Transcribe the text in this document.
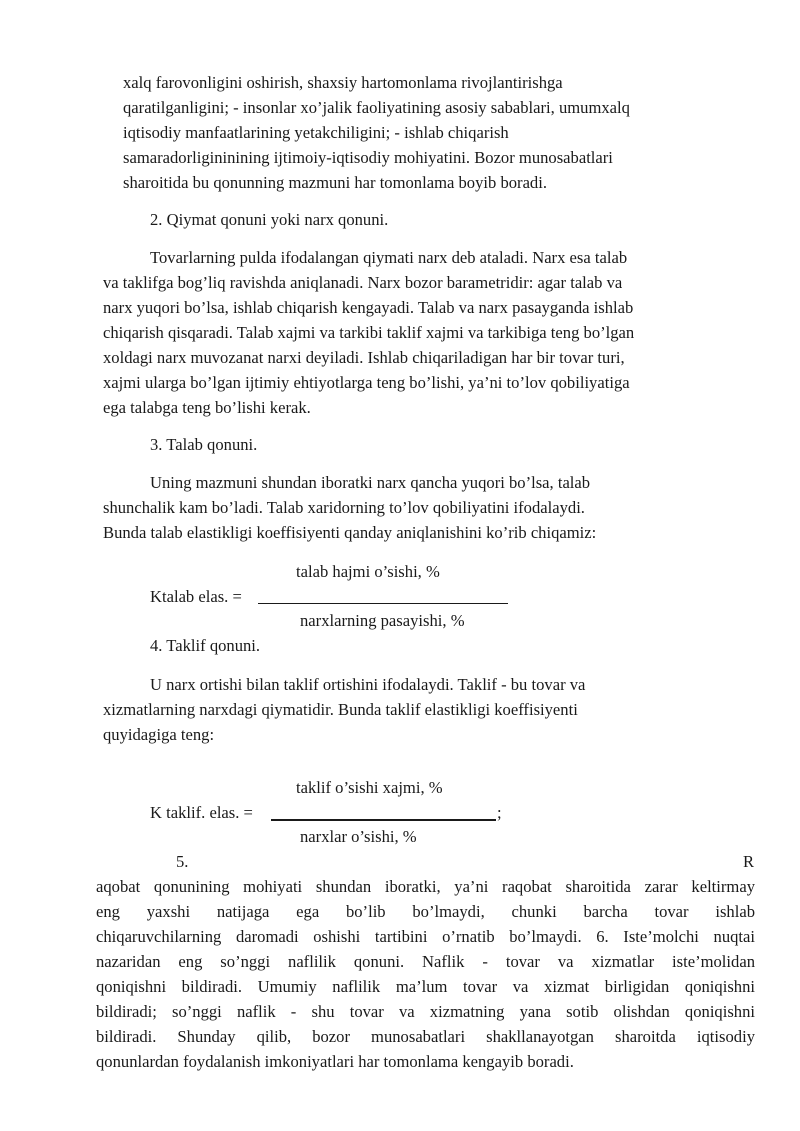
xalq farovonligini oshirish, shaxsiy hartomonlama rivojlantirishga
qaratilganligini; - insonlar xo’jalik faoliyatining asosiy sabablari, umumxalq
iqtisodiy manfaatlarining yetakchiligini; - ishlab chiqarish
samaradorligininining ijtimoiy-iqtisodiy mohiyatini. Bozor munosabatlari
sharoitida bu qonunning mazmuni har tomonlama boyib boradi.
2. Qiymat qonuni yoki narx qonuni.
Tovarlarning pulda ifodalangan qiymati narx deb ataladi. Narx esa talab
va taklifga bog’liq ravishda aniqlanadi. Narx bozor barametridir: agar talab va
narx yuqori bo’lsa, ishlab chiqarish kengayadi. Talab va narx pasayganda ishlab
chiqarish qisqaradi. Talab xajmi va tarkibi taklif xajmi va tarkibiga teng bo’lgan
xoldagi narx muvozanat narxi deyiladi. Ishlab chiqariladigan har bir tovar turi,
xajmi ularga bo’lgan ijtimiy ehtiyotlarga teng bo’lishi, ya’ni to’lov qobiliyatiga
ega talabga teng bo’lishi kerak.
3. Talab qonuni.
Uning mazmuni shundan iboratki narx qancha yuqori bo’lsa, talab
shunchalik kam bo’ladi. Talab xaridorning to’lov qobiliyatini ifodalaydi.
Bunda talab elastikligi koeffisiyenti qanday aniqlanishini ko’rib chiqamiz:
talab hajmi o’sishi, %
Ktalab elas. =
narxlarning pasayishi, %
4. Taklif qonuni.
U narx ortishi bilan taklif ortishini ifodalaydi. Taklif - bu tovar va
xizmatlarning narxdagi qiymatidir. Bunda taklif elastikligi koeffisiyenti
quyidagiga teng:
taklif o’sishi xajmi, %
K taklif. elas. =	;
narxlar o’sishi, %
5.	R
aqobat qonunining mohiyati shundan iboratki, ya’ni raqobat sharoitida zarar keltirmay
eng yaxshi natijaga ega bo’lib bo’lmaydi, chunki barcha tovar ishlab
chiqaruvchilarning daromadi oshishi tartibini o’rnatib bo’lmaydi. 6. Iste’molchi nuqtai
nazaridan eng so’nggi naflilik qonuni. Naflik - tovar va xizmatlar iste’molidan
qoniqishni bildiradi. Umumiy naflilik ma’lum tovar va xizmat birligidan qoniqishni
bildiradi; so’nggi naflik - shu tovar va xizmatning yana sotib olishdan qoniqishni
bildiradi. Shunday qilib, bozor munosabatlari shakllanayotgan sharoitda iqtisodiy
qonunlardan foydalanish imkoniyatlari har tomonlama kengayib boradi.
